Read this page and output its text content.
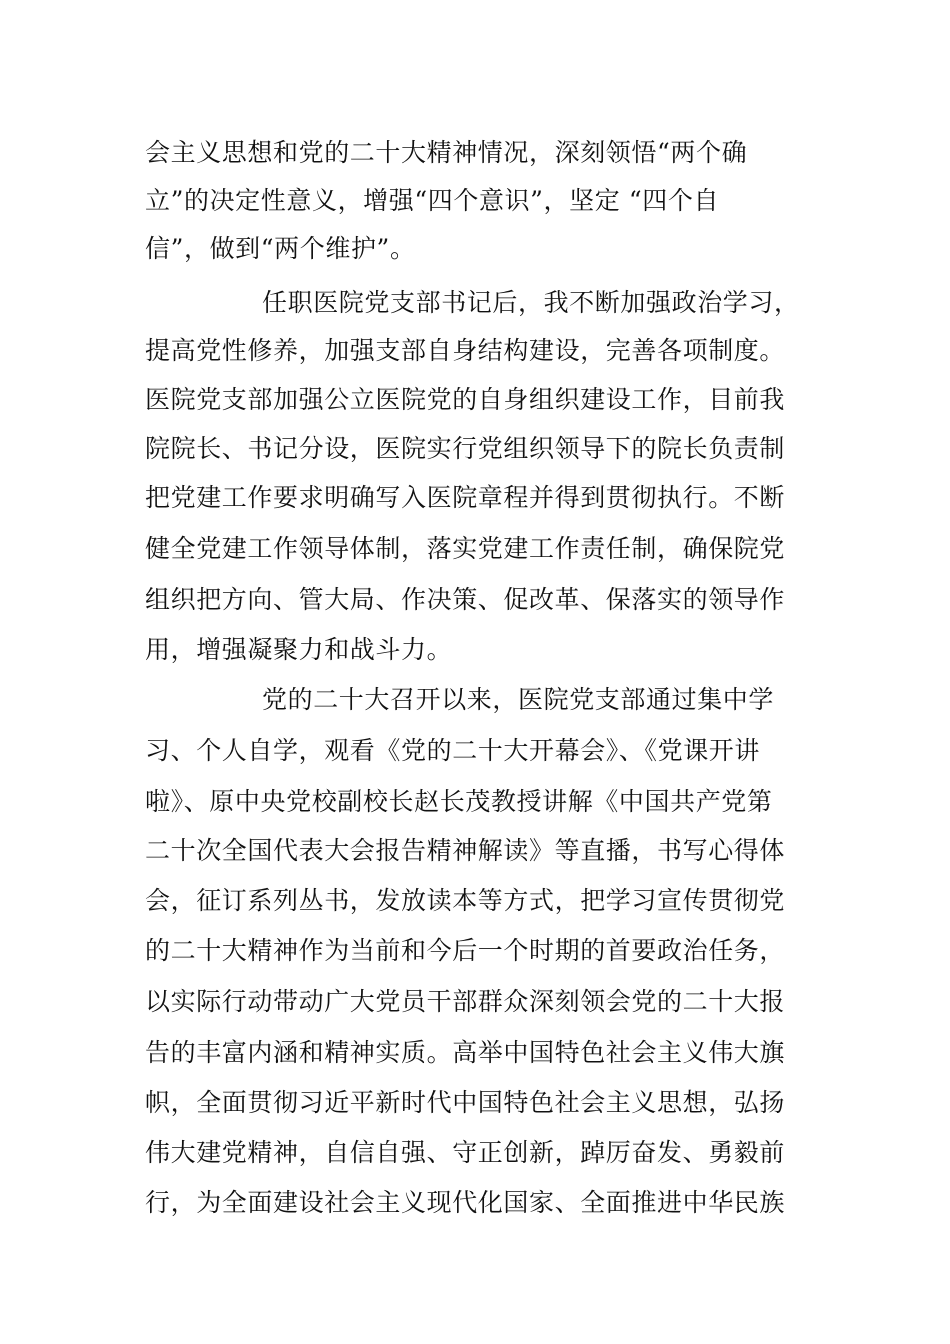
会主义思想和党的二十大精神情况，深刻领悟“两个确
立”的决定性意义，增强“四个意识”，坚定 “四个自
信”，做到“两个维护”。
任职医院党支部书记后，我不断加强政治学习，
提高党性修养，加强支部自身结构建设，完善各项制度。
医院党支部加强公立医院党的自身组织建设工作，目前我
院院长、书记分设，医院实行党组织领导下的院长负责制
把党建工作要求明确写入医院章程并得到贯彻执行。不断
健全党建工作领导体制，落实党建工作责任制，确保院党
组织把方向、管大局、作决策、促改革、保落实的领导作
用，增强凝聚力和战斗力。
党的二十大召开以来，医院党支部通过集中学
习、个人自学，观看《党的二十大开幕会》、《党课开讲
啦》、原中央党校副校长赵长茂教授讲解《中国共产党第
二十次全国代表大会报告精神解读》等直播，书写心得体
会，征订系列丛书，发放读本等方式，把学习宣传贯彻党
的二十大精神作为当前和今后一个时期的首要政治任务，
以实际行动带动广大党员干部群众深刻领会党的二十大报
告的丰富内涵和精神实质。高举中国特色社会主义伟大旗
帜，全面贯彻习近平新时代中国特色社会主义思想，弘扬
伟大建党精神，自信自强、守正创新，踔厉奋发、勇毅前
行，为全面建设社会主义现代化国家、全面推进中华民族
